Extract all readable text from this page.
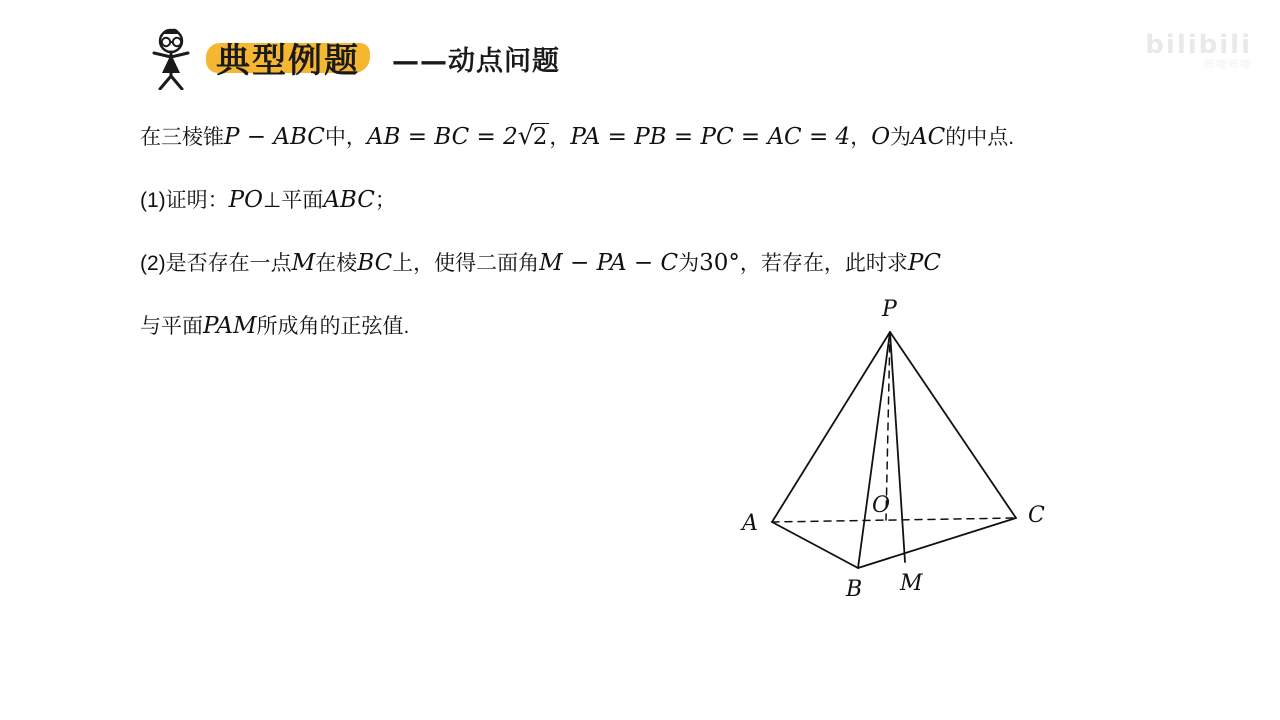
典型例题	——动点问题
bilibili
哔哩哔哩
在三棱锥P − ABC中，AB = BC = 2√2，PA = PB = PC = AC = 4，O为AC的中点.
(1)证明：PO⊥平面ABC；
(2)是否存在一点M在棱BC上，使得二面角M − PA − C为30°，若存在，此时求PC
与平面PAM所成角的正弦值.
P
A	C
B
O
M
